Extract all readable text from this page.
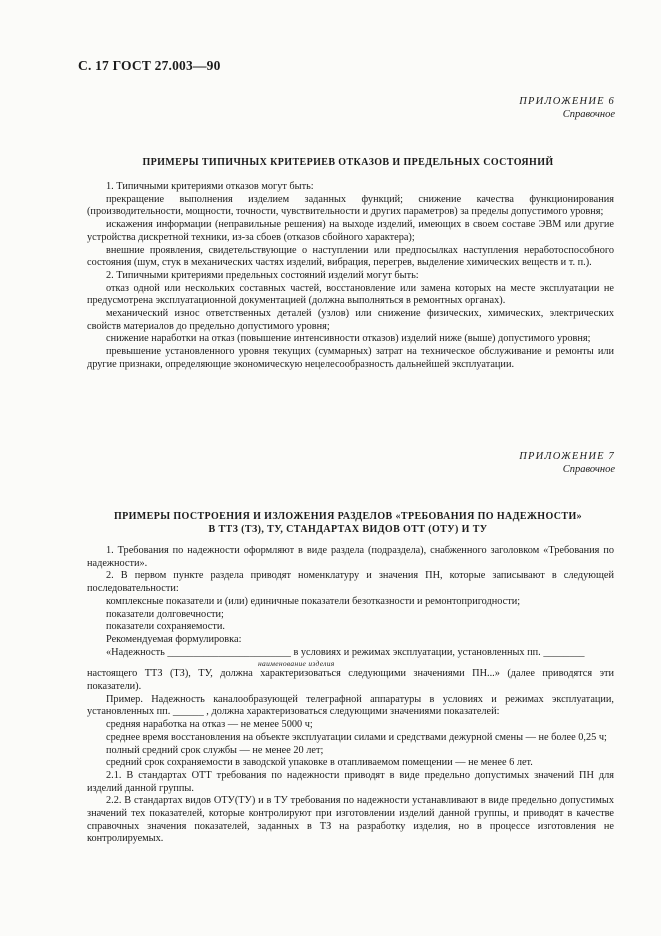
С. 17 ГОСТ 27.003—90
ПРИЛОЖЕНИЕ 6
Справочное
ПРИМЕРЫ ТИПИЧНЫХ КРИТЕРИЕВ ОТКАЗОВ И ПРЕДЕЛЬНЫХ СОСТОЯНИЙ

1. Типичными критериями отказов могут быть:

прекращение выполнения изделием заданных функций; снижение качества функционирования (производительности, мощности, точности, чувствительности и других параметров) за пределы допустимого уровня;

искажения информации (неправильные решения) на выходе изделий, имеющих в своем составе ЭВМ или другие устройства дискретной техники, из-за сбоев (отказов сбойного характера);

внешние проявления, свидетельствующие о наступлении или предпосылках наступления неработоспособного состояния (шум, стук в механических частях изделий, вибрация, перегрев, выделение химических веществ и т. п.).

2. Типичными критериями предельных состояний изделий могут быть:

отказ одной или нескольких составных частей, восстановление или замена которых на месте эксплуатации не предусмотрена эксплуатационной документацией (должна выполняться в ремонтных органах).

механический износ ответственных деталей (узлов) или снижение физических, химических, электрических свойств материалов до предельно допустимого уровня;

снижение наработки на отказ (повышение интенсивности отказов) изделий ниже (выше) допустимого уровня;

превышение установленного уровня текущих (суммарных) затрат на техническое обслуживание и ремонты или другие признаки, определяющие экономическую нецелесообразность дальнейшей эксплуатации.

ПРИЛОЖЕНИЕ 7
Справочное
ПРИМЕРЫ ПОСТРОЕНИЯ И ИЗЛОЖЕНИЯ РАЗДЕЛОВ «ТРЕБОВАНИЯ ПО НАДЕЖНОСТИ»
В ТТЗ (ТЗ), ТУ, СТАНДАРТАХ ВИДОВ ОТТ (ОТУ) И ТУ

1. Требования по надежности оформляют в виде раздела (подраздела), снабженного заголовком «Требования по надежности».

2. В первом пункте раздела приводят номенклатуру и значения ПН, которые записывают в следующей последовательности:

комплексные показатели и (или) единичные показатели безотказности и ремонтопригодности;

показатели долговечности;

показатели сохраняемости.

Рекомендуемая формулировка:

«Надежность ________________________ в условиях и режимах эксплуатации, установленных пп. ________

наименование изделия

настоящего ТТЗ (ТЗ), ТУ, должна характеризоваться следующими значениями ПН...» (далее приводятся эти показатели).

Пример. Надежность каналообразующей телеграфной аппаратуры в условиях и режимах эксплуатации, установленных пп. ______ , должна характеризоваться следующими значениями показателей:

средняя наработка на отказ — не менее 5000 ч;

среднее время восстановления на объекте эксплуатации силами и средствами дежурной смены — не более 0,25 ч;

полный средний срок службы — не менее 20 лет;

средний срок сохраняемости в заводской упаковке в отапливаемом помещении — не менее 6 лет.

2.1. В стандартах ОТТ требования по надежности приводят в виде предельно допустимых значений ПН для изделий данной группы.

2.2. В стандартах видов ОТУ(ТУ) и в ТУ требования по надежности устанавливают в виде предельно допустимых значений тех показателей, которые контролируют при изготовлении изделий данной группы, и приводят в качестве справочных значения показателей, заданных в ТЗ на разработку изделия, но в процессе изготовления не контролируемых.
